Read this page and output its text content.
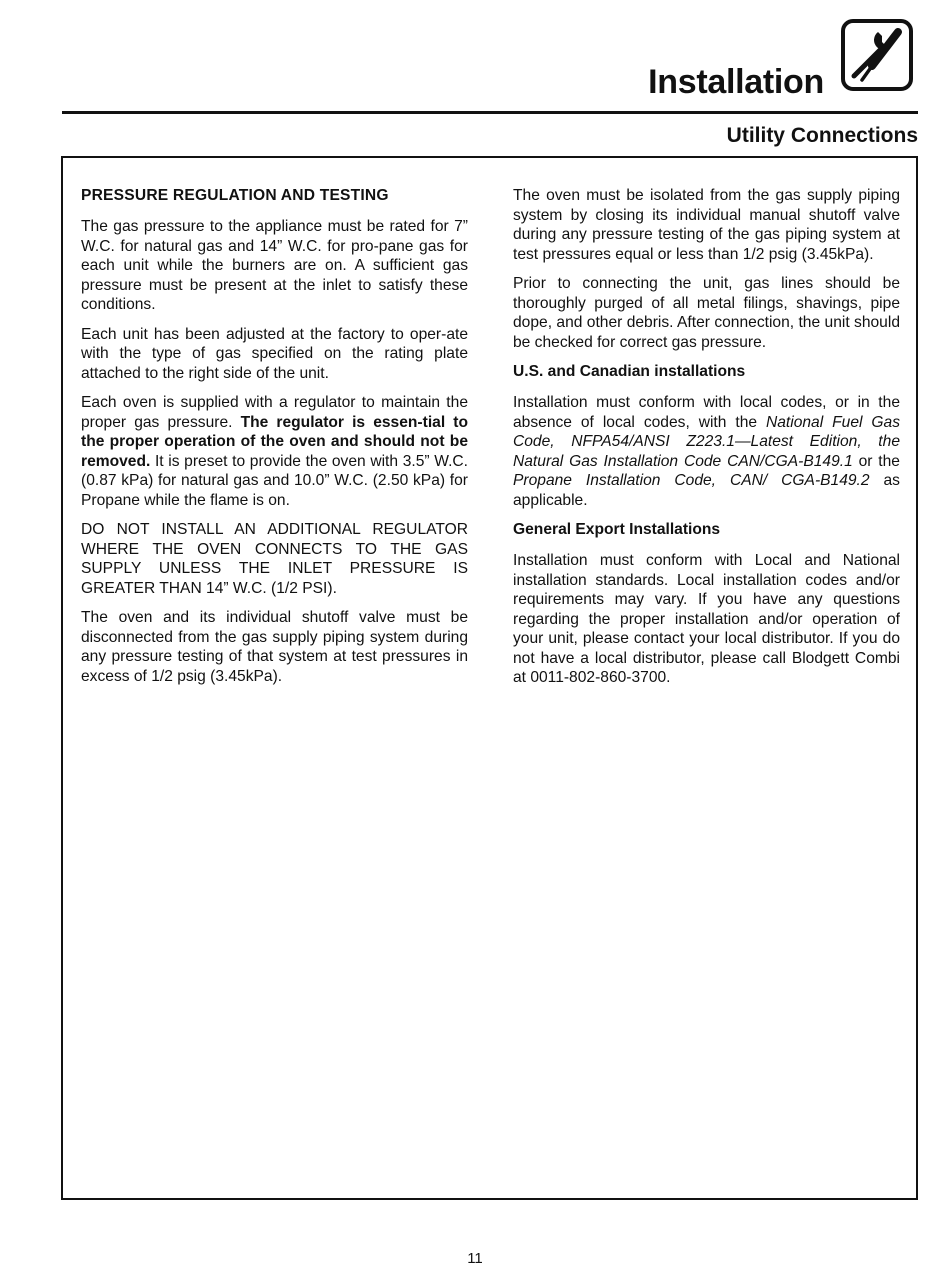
Installation
Utility Connections
PRESSURE REGULATION AND TESTING

The gas pressure to the appliance must be rated for 7” W.C. for natural gas and 14” W.C. for pro-pane gas for each unit while the burners are on. A sufficient gas pressure must be present at the inlet to satisfy these conditions.

Each unit has been adjusted at the factory to oper-ate with the type of gas specified on the rating plate attached to the right side of the unit.

Each oven is supplied with a regulator to maintain the proper gas pressure. The regulator is essen-tial to the proper operation of the oven and should not be removed. It is preset to provide the oven with 3.5” W.C. (0.87 kPa) for natural gas and 10.0” W.C. (2.50 kPa) for Propane while the flame is on.

DO NOT INSTALL AN ADDITIONAL REGULATOR WHERE THE OVEN CONNECTS TO THE GAS SUPPLY UNLESS THE INLET PRESSURE IS GREATER THAN 14” W.C. (1/2 PSI).

The oven and its individual shutoff valve must be disconnected from the gas supply piping system during any pressure testing of that system at test pressures in excess of 1/2 psig (3.45kPa).

The oven must be isolated from the gas supply piping system by closing its individual manual shutoff valve during any pressure testing of the gas piping system at test pressures equal or less than 1/2 psig (3.45kPa).

Prior to connecting the unit, gas lines should be thoroughly purged of all metal filings, shavings, pipe dope, and other debris. After connection, the unit should be checked for correct gas pressure.

U.S. and Canadian installations

Installation must conform with local codes, or in the absence of local codes, with the National Fuel Gas Code, NFPA54/ANSI Z223.1—Latest Edition, the Natural Gas Installation Code CAN/CGA-B149.1 or the Propane Installation Code, CAN/ CGA-B149.2 as applicable.

General Export Installations

Installation must conform with Local and National installation standards. Local installation codes and/or requirements may vary. If you have any questions regarding the proper installation and/or operation of your unit, please contact your local distributor. If you do not have a local distributor, please call Blodgett Combi at 0011-802-860-3700.

11
